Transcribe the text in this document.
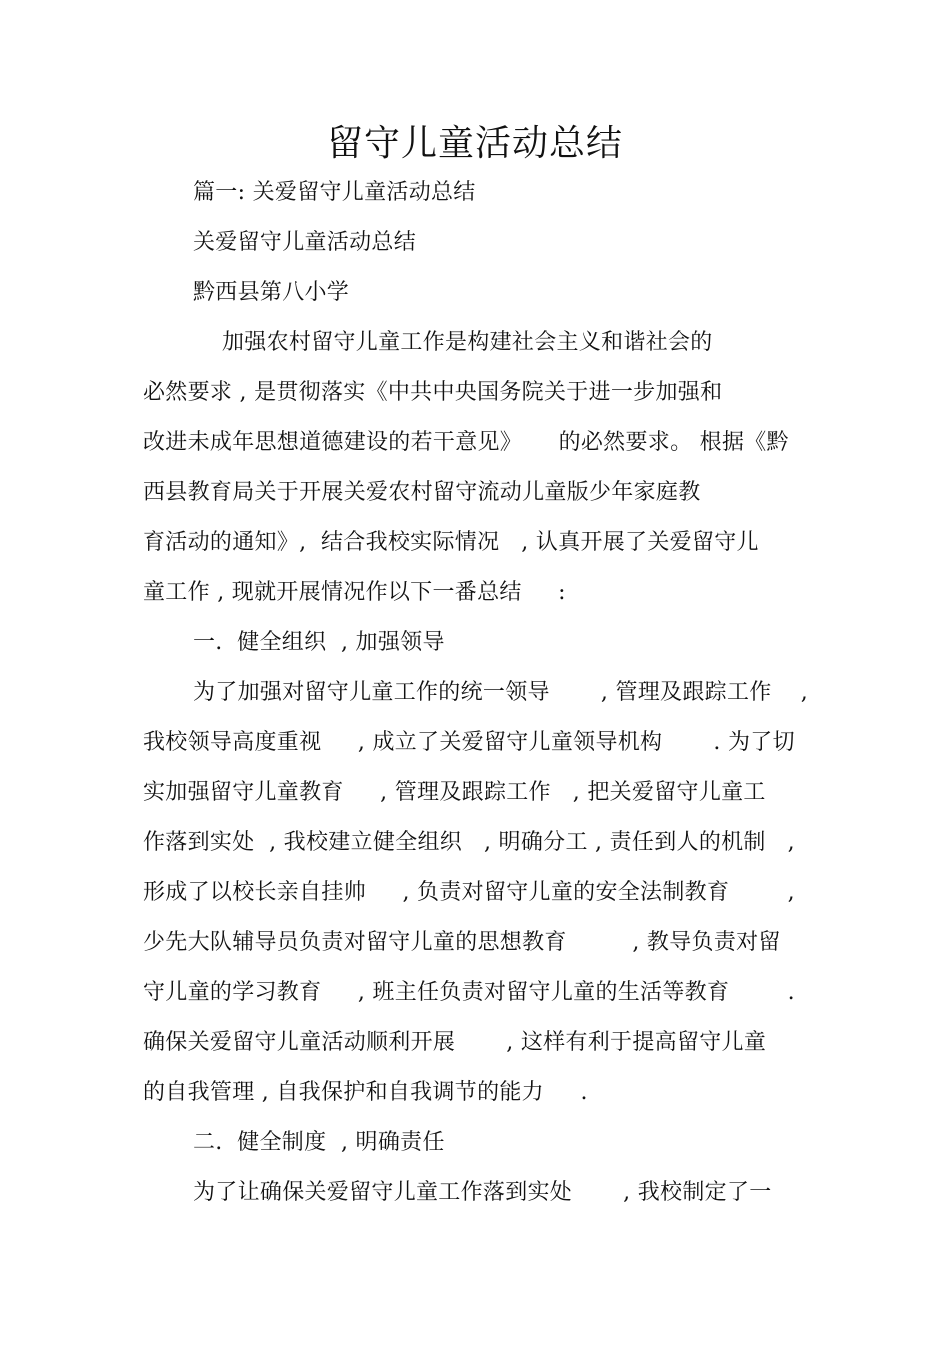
留守儿童活动总结
篇一: 关爱留守儿童活动总结
关爱留守儿童活动总结
黔西县第八小学
加强农村留守儿童工作是构建社会主义和谐社会的
必然要求 , 是贯彻落实《中共中央国务院关于进一步加强和
改进未成年思想道德建设的若干意见》     的必然要求。 根据《黔
西县教育局关于开展关爱农村留守流动儿童版少年家庭教
育活动的通知》,  结合我校实际情况   , 认真开展了关爱留守儿
童工作 , 现就开展情况作以下一番总结     :
一.  健全组织  , 加强领导
为了加强对留守儿童工作的统一领导       , 管理及跟踪工作    ,
我校领导高度重视     , 成立了关爱留守儿童领导机构       . 为了切
实加强留守儿童教育     , 管理及跟踪工作   , 把关爱留守儿童工
作落到实处  , 我校建立健全组织   , 明确分工 , 责任到人的机制   ,
形成了以校长亲自挂帅     , 负责对留守儿童的安全法制教育        ,
少先大队辅导员负责对留守儿童的思想教育         , 教导负责对留
守儿童的学习教育     , 班主任负责对留守儿童的生活等教育        .
确保关爱留守儿童活动顺利开展       , 这样有利于提高留守儿童
的自我管理 , 自我保护和自我调节的能力     .
二.  健全制度  , 明确责任
为了让确保关爱留守儿童工作落到实处       , 我校制定了一
